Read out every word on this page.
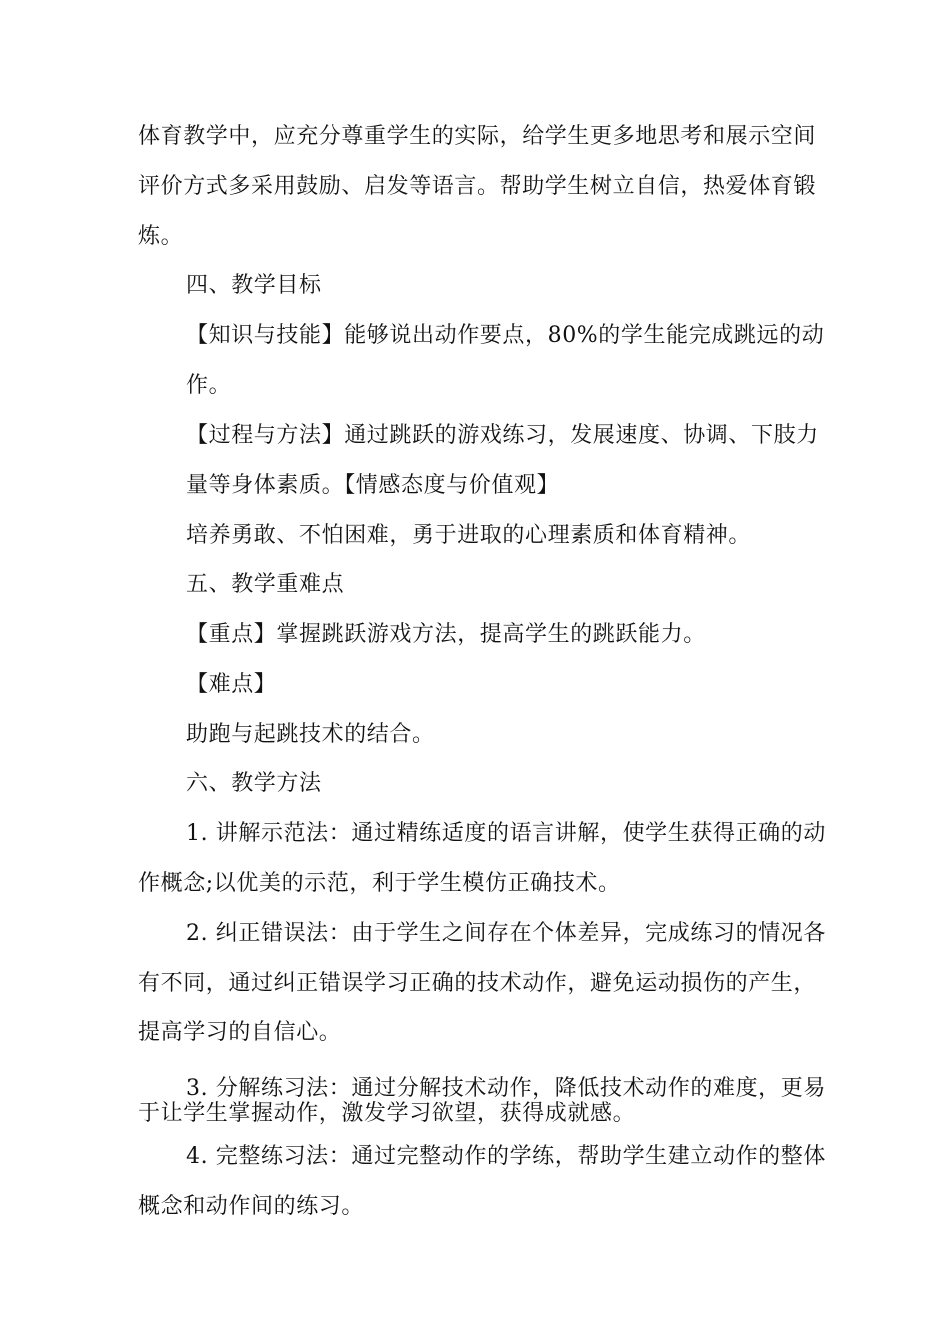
体育教学中，应充分尊重学生的实际，给学生更多地思考和展示空间

评价方式多采用鼓励、启发等语言。帮助学生树立自信，热爱体育锻

炼。

四、教学目标

【知识与技能】能够说出动作要点，80%的学生能完成跳远的动

作。

【过程与方法】通过跳跃的游戏练习，发展速度、协调、下肢力

量等身体素质。【情感态度与价值观】

培养勇敢、不怕困难，勇于进取的心理素质和体育精神。

五、教学重难点

【重点】掌握跳跃游戏方法，提高学生的跳跃能力。

【难点】

助跑与起跳技术的结合。

六、教学方法

1. 讲解示范法：通过精练适度的语言讲解，使学生获得正确的动

作概念;以优美的示范，利于学生模仿正确技术。

2. 纠正错误法：由于学生之间存在个体差异，完成练习的情况各

有不同，通过纠正错误学习正确的技术动作，避免运动损伤的产生，

提高学习的自信心。

3. 分解练习法：通过分解技术动作，降低技术动作的难度，更易

于让学生掌握动作，激发学习欲望，获得成就感。

4. 完整练习法：通过完整动作的学练，帮助学生建立动作的整体

概念和动作间的练习。
